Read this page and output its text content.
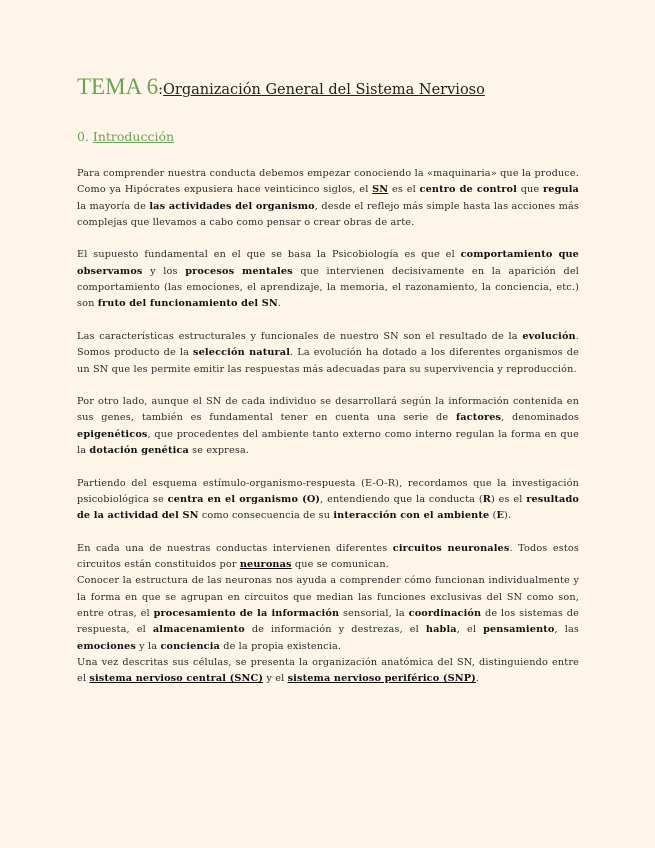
TEMA 6:Organización General del Sistema Nervioso
0. Introducción

Para comprender nuestra conducta debemos empezar conociendo la «maquinaria» que la produce. Como ya Hipócrates expusiera hace veinticinco siglos, el SN es el centro de control que regula la mayoría de las actividades del organismo, desde el reflejo más simple hasta las acciones más complejas que llevamos a cabo como pensar o crear obras de arte.

El supuesto fundamental en el que se basa la Psicobiología es que el comportamiento que observamos y los procesos mentales que intervienen decisivamente en la aparición del comportamiento (las emociones, el aprendizaje, la memoria, el razonamiento, la conciencia, etc.) son fruto del funcionamiento del SN.

Las características estructurales y funcionales de nuestro SN son el resultado de la evolución. Somos producto de la selección natural. La evolución ha dotado a los diferentes organismos de un SN que les permite emitir las respuestas más adecuadas para su supervivencia y reproducción.

Por otro lado, aunque el SN de cada individuo se desarrollará según la información contenida en sus genes, también es fundamental tener en cuenta una serie de factores, denominados epigenéticos, que procedentes del ambiente tanto externo como interno regulan la forma en que la dotación genética se expresa.

Partiendo del esquema estímulo-organismo-respuesta (E-O-R), recordamos que la investigación psicobiológica se centra en el organismo (O), entendiendo que la conducta (R) es el resultado de la actividad del SN como consecuencia de su interacción con el ambiente (E).

En cada una de nuestras conductas intervienen diferentes circuitos neuronales. Todos estos circuitos están constituidos por neuronas que se comunican.

Conocer la estructura de las neuronas nos ayuda a comprender cómo funcionan individualmente y la forma en que se agrupan en circuitos que median las funciones exclusivas del SN como son, entre otras, el procesamiento de la información sensorial, la coordinación de los sistemas de respuesta, el almacenamiento de información y destrezas, el habla, el pensamiento, las emociones y la conciencia de la propia existencia.

Una vez descritas sus células, se presenta la organización anatómica del SN, distinguiendo entre el sistema nervioso central (SNC) y el sistema nervioso periférico (SNP).
